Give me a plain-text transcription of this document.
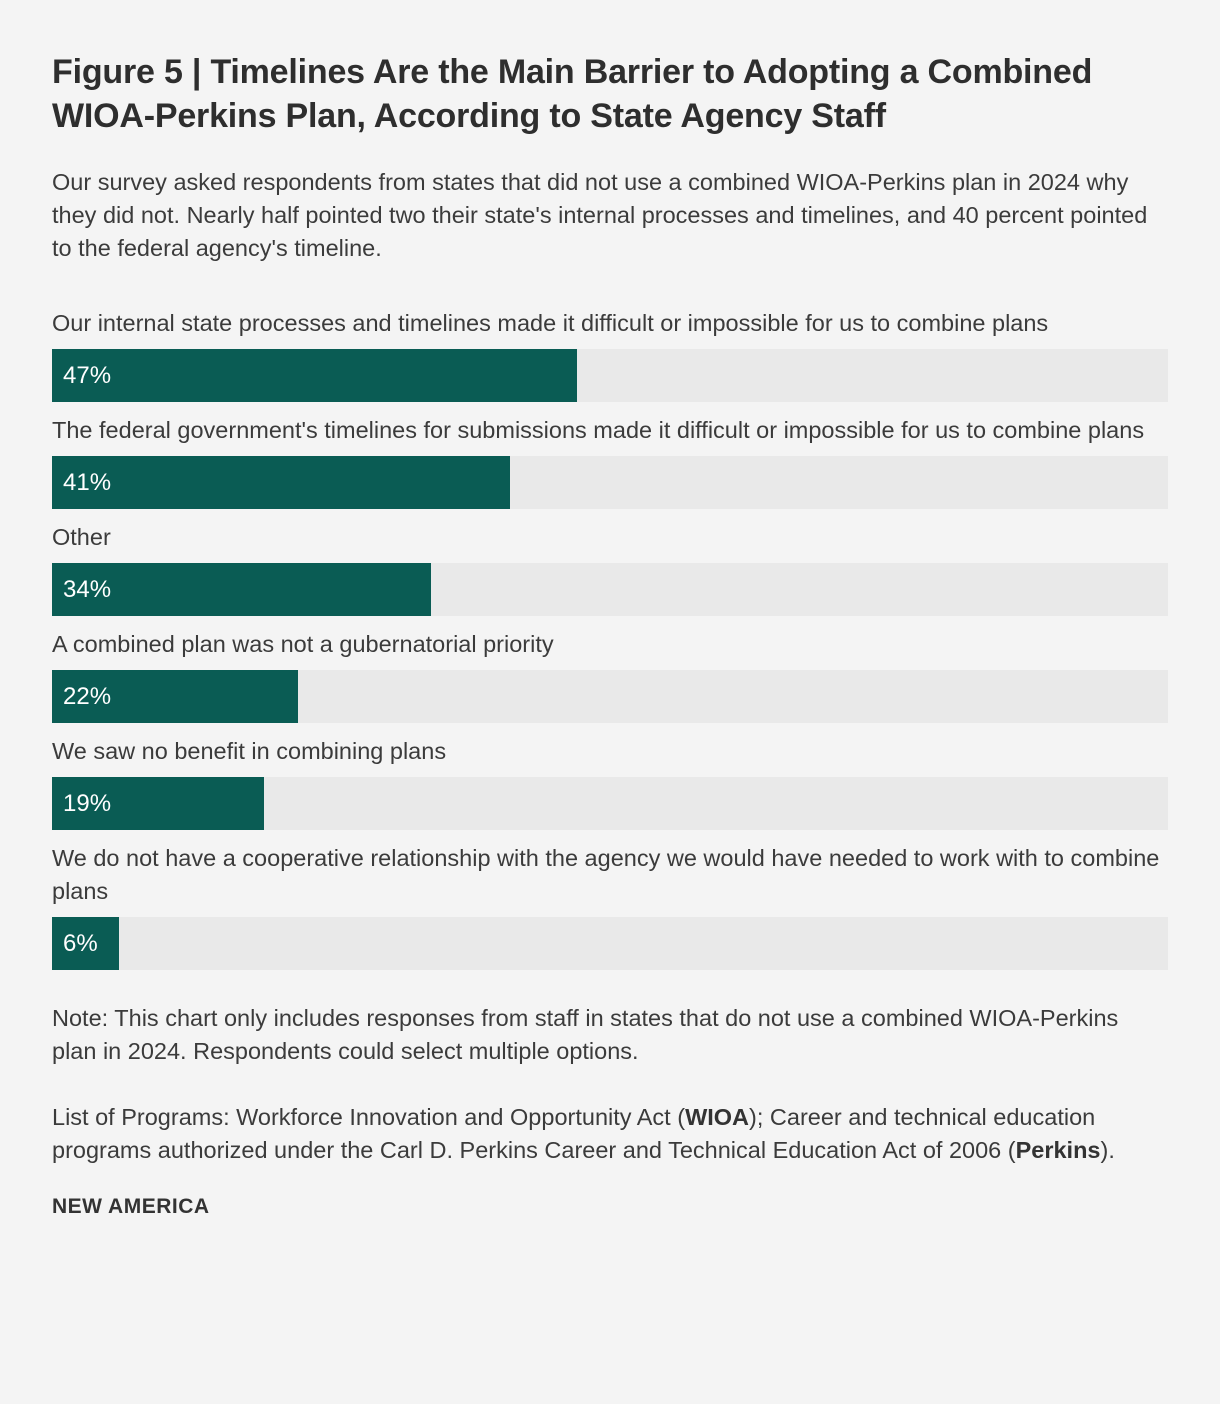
Figure 5 | Timelines Are the Main Barrier to Adopting a Combined WIOA-Perkins Plan, According to State Agency Staff

Our survey asked respondents from states that did not use a combined WIOA-Perkins plan in 2024 why they did not. Nearly half pointed two their state's internal processes and timelines, and 40 percent pointed to the federal agency's timeline.

Our internal state processes and timelines made it difficult or impossible for us to combine plans

47%

The federal government's timelines for submissions made it difficult or impossible for us to combine plans

41%

Other

34%

A combined plan was not a gubernatorial priority

22%

We saw no benefit in combining plans

19%

We do not have a cooperative relationship with the agency we would have needed to work with to combine plans

6%

Note: This chart only includes responses from staff in states that do not use a combined WIOA-Perkins plan in 2024. Respondents could select multiple options.

List of Programs: Workforce Innovation and Opportunity Act (WIOA); Career and technical education programs authorized under the Carl D. Perkins Career and Technical Education Act of 2006 (Perkins).

NEW AMERICA
